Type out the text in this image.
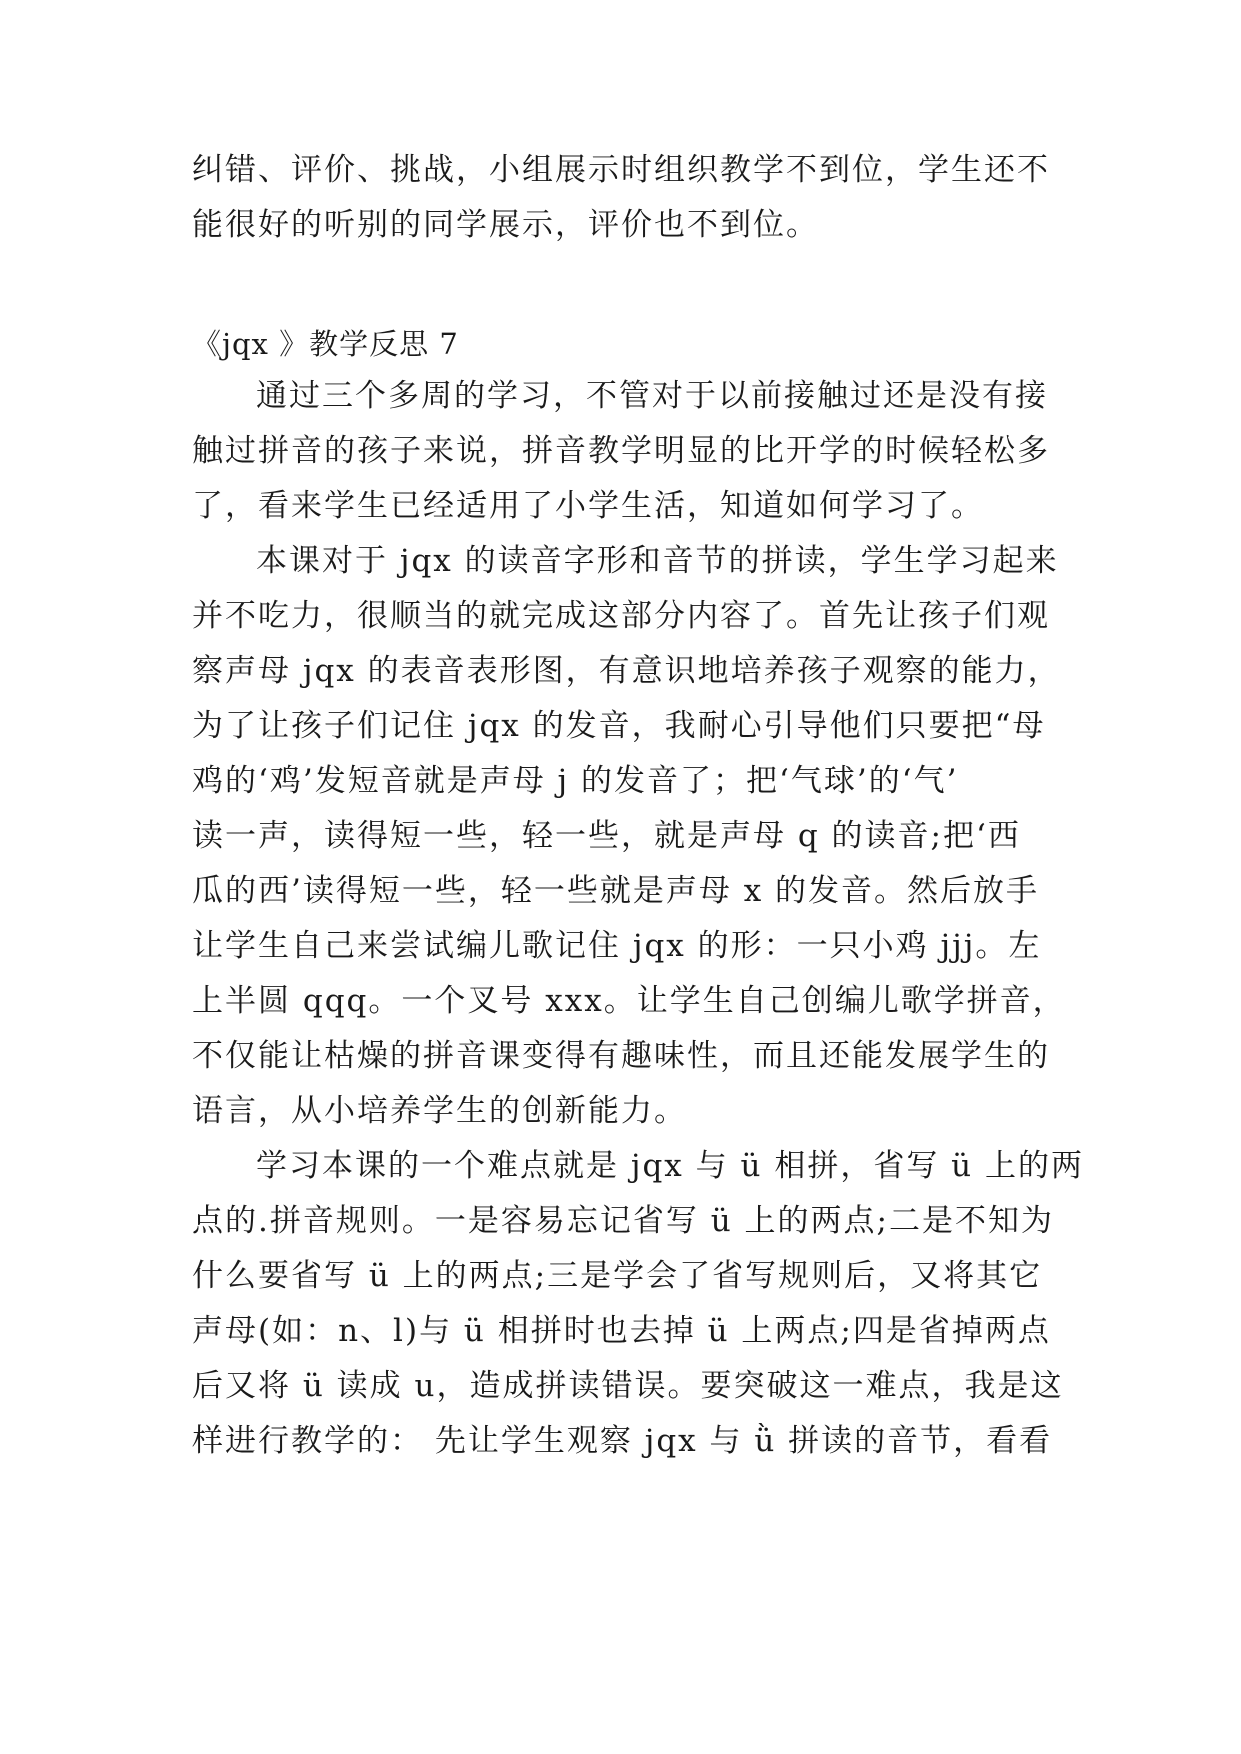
纠错、评价、挑战，小组展示时组织教学不到位，学生还不
能很好的听别的同学展示，评价也不到位。
《jqx 》教学反思 7
通过三个多周的学习，不管对于以前接触过还是没有接
触过拼音的孩子来说，拼音教学明显的比开学的时候轻松多
了，看来学生已经适用了小学生活，知道如何学习了。
本课对于 jqx 的读音字形和音节的拼读，学生学习起来
并不吃力，很顺当的就完成这部分内容了。首先让孩子们观
察声母 jqx 的表音表形图，有意识地培养孩子观察的能力，
为了让孩子们记住 jqx 的发音，我耐心引导他们只要把“母
鸡的‘鸡’发短音就是声母 j 的发音了；把‘气球’的‘气’
读一声，读得短一些，轻一些，就是声母 q 的读音;把‘西
瓜的西’读得短一些，轻一些就是声母 x 的发音。然后放手
让学生自己来尝试编儿歌记住 jqx 的形：一只小鸡 jjj。左
上半圆 qqq。一个叉号 xxx。让学生自己创编儿歌学拼音，
不仅能让枯燥的拼音课变得有趣味性，而且还能发展学生的
语言，从小培养学生的创新能力。
学习本课的一个难点就是 jqx 与 ü 相拼，省写 ü 上的两
点的.拼音规则。一是容易忘记省写 ü 上的两点;二是不知为
什么要省写 ü 上的两点;三是学会了省写规则后，又将其它
声母(如：n、l)与 ü 相拼时也去掉 ü 上两点;四是省掉两点
后又将 ü 读成 u，造成拼读错误。要突破这一难点，我是这
样进行教学的： 先让学生观察 jqx 与 ǜ 拼读的音节，看看
